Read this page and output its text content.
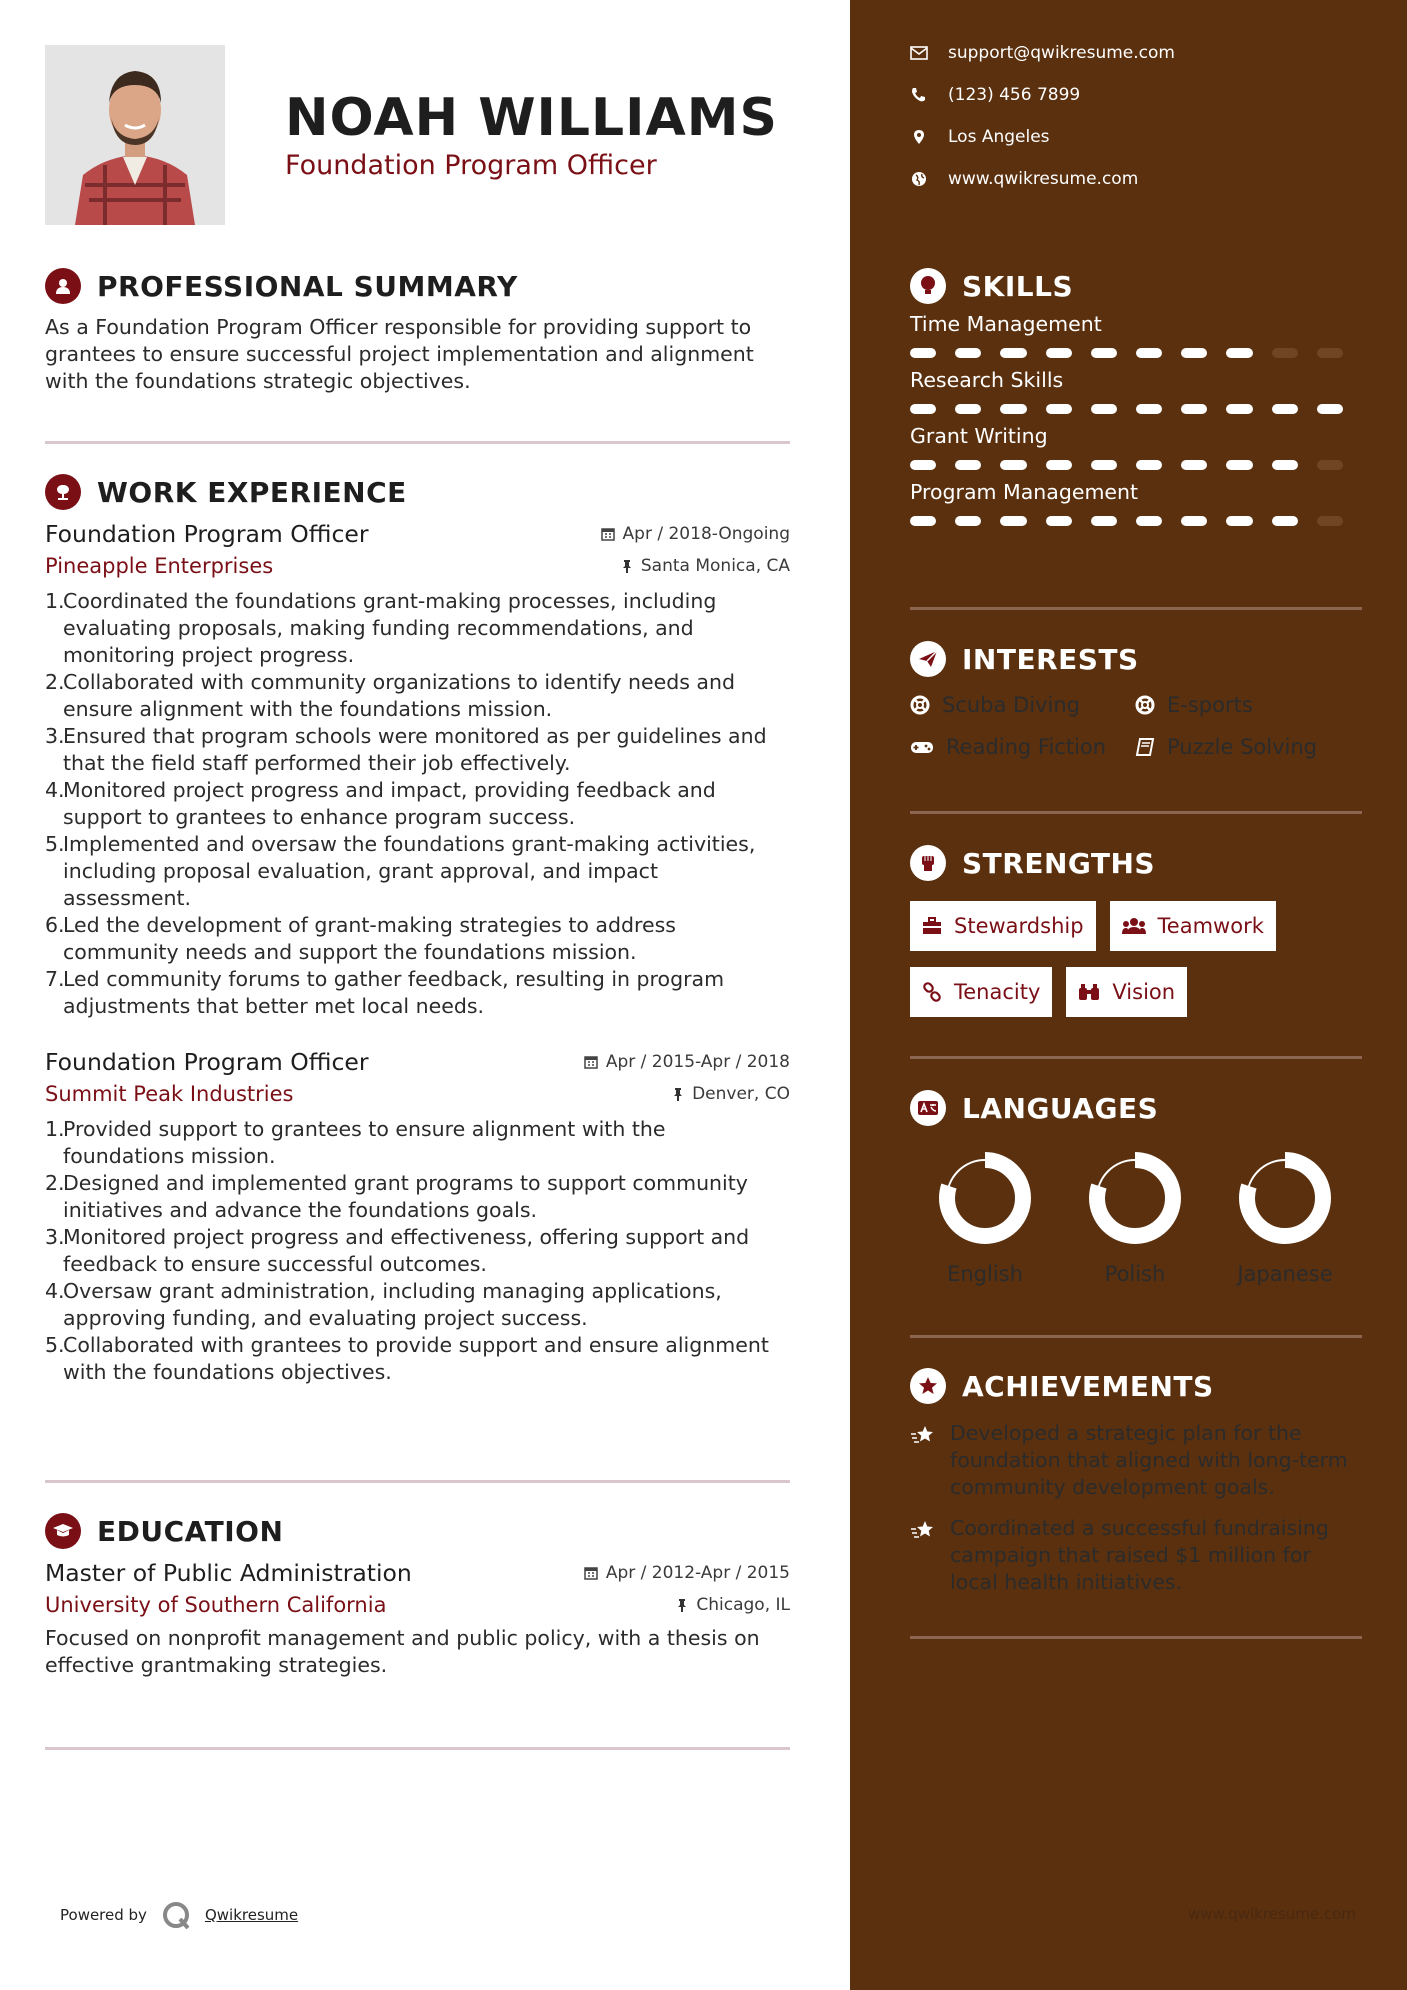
NOAH WILLIAMS
Foundation Program Officer
PROFESSIONAL SUMMARY
As a Foundation Program Officer responsible for providing support to grantees to ensure successful project implementation and alignment with the foundations strategic objectives.
WORK EXPERIENCE
Foundation Program Officer	Apr / 2018-Ongoing
Pineapple Enterprises	Santa Monica, CA
1.
Coordinated the foundations grant-making processes, including evaluating proposals, making funding recommendations, and monitoring project progress.
2.
Collaborated with community organizations to identify needs and ensure alignment with the foundations mission.
3.
Ensured that program schools were monitored as per guidelines and that the field staff performed their job effectively.
4.
Monitored project progress and impact, providing feedback and support to grantees to enhance program success.
5.
Implemented and oversaw the foundations grant-making activities, including proposal evaluation, grant approval, and impact assessment.
6.
Led the development of grant-making strategies to address community needs and support the foundations mission.
7.
Led community forums to gather feedback, resulting in program adjustments that better met local needs.
Foundation Program Officer	Apr / 2015-Apr / 2018
Summit Peak Industries	Denver, CO
1.
Provided support to grantees to ensure alignment with the foundations mission.
2.
Designed and implemented grant programs to support community initiatives and advance the foundations goals.
3.
Monitored project progress and effectiveness, offering support and feedback to ensure successful outcomes.
4.
Oversaw grant administration, including managing applications, approving funding, and evaluating project success.
5.
Collaborated with grantees to provide support and ensure alignment with the foundations objectives.
EDUCATION
Master of Public Administration	Apr / 2012-Apr / 2015
University of Southern California	Chicago, IL
Focused on nonprofit management and public policy, with a thesis on effective grantmaking strategies.
Powered by	Qwikresume
support@qwikresume.com
(123) 456 7899
Los Angeles
www.qwikresume.com
SKILLS
Time Management
Research Skills
Grant Writing
Program Management
INTERESTS
Scuba Diving	E-sports
Reading Fiction	Puzzle Solving
STRENGTHS
Stewardship	Teamwork
Tenacity	Vision
LANGUAGES
English	Polish	Japanese
ACHIEVEMENTS
Developed a strategic plan for the foundation that aligned with long-term community development goals.
Coordinated a successful fundraising campaign that raised $1 million for local health initiatives.
www.qwikresume.com
